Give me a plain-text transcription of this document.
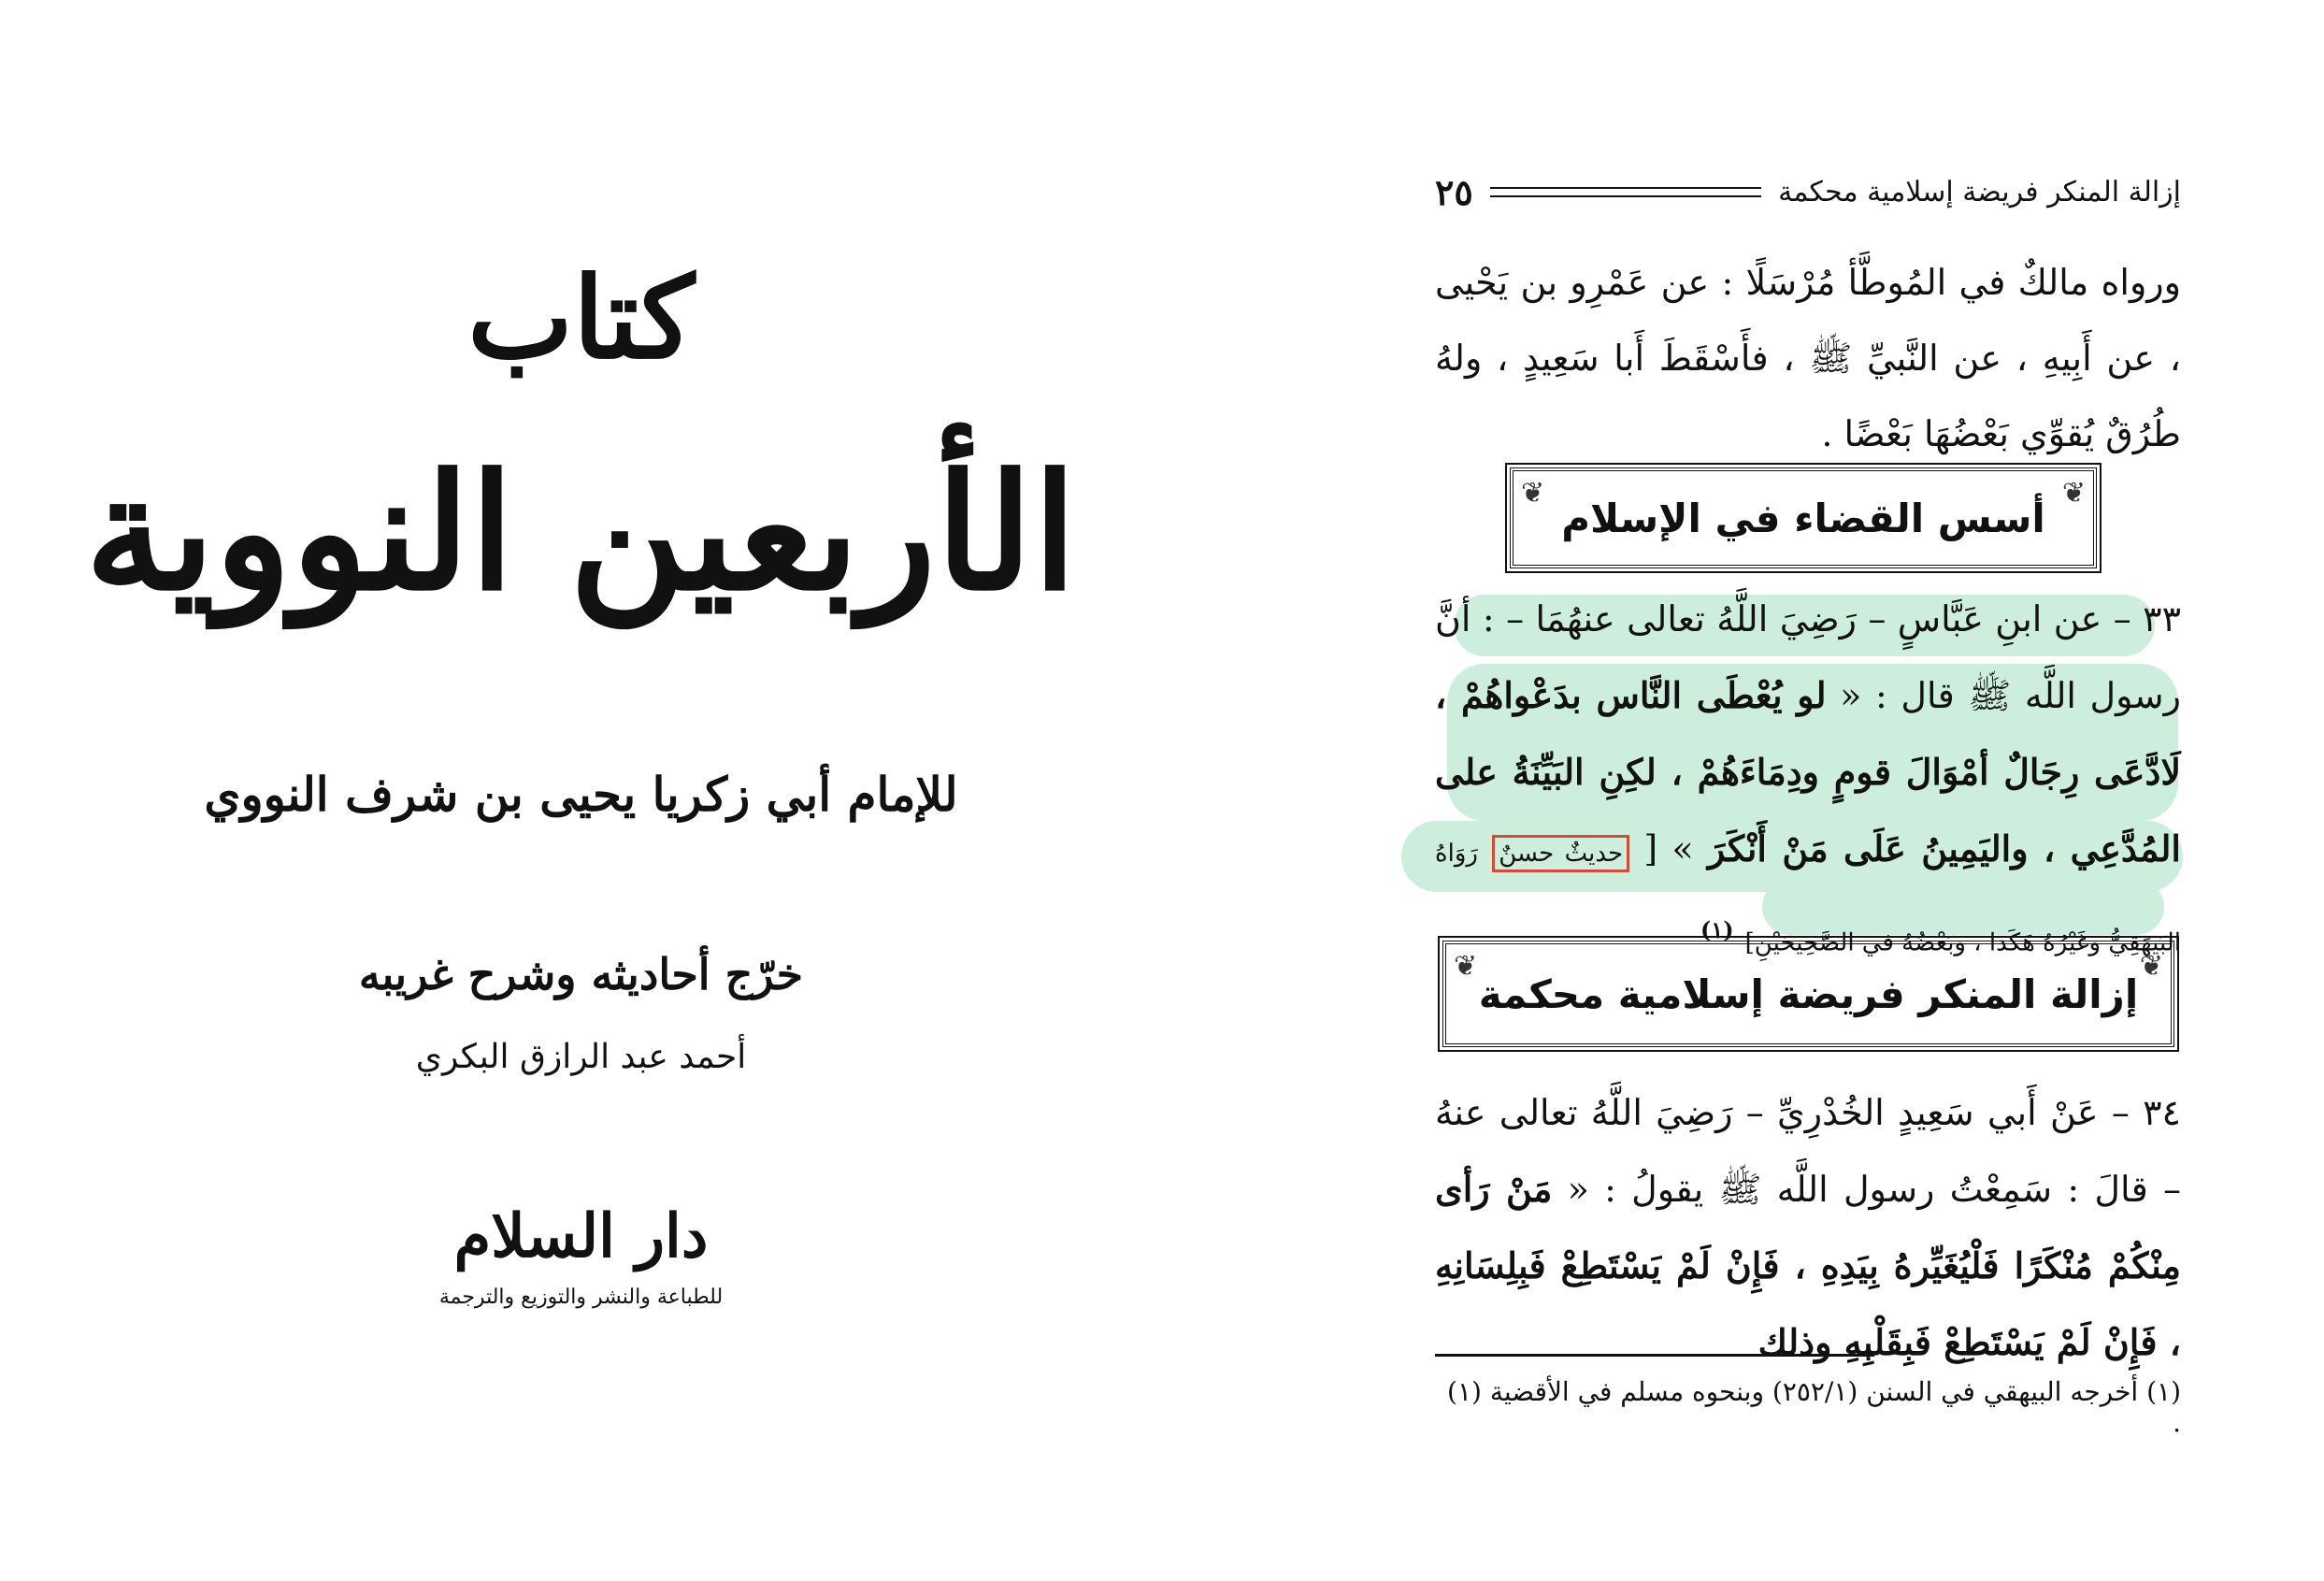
كتاب
الأربعين النووية
للإمام أبي زكريا يحيى بن شرف النووي
خرّج أحاديثه وشرح غريبه
أحمد عبد الرازق البكري
دار السلام
للطباعة والنشر والتوزيع والترجمة
إزالة المنكر فريضة إسلامية محكمة
٢٥
ورواه مالكٌ في المُوطَّأ مُرْسَلًا : عن عَمْرِو بن يَحْيى ، عن أَبِيهِ ، عن النَّبيِّ ﷺ ، فأَسْقَطَ أَبا سَعِيدٍ ، ولهُ طُرُقٌ يُقوِّي بَعْضُهَا بَعْضًا .
❦
أسس القضاء في الإسلام
❦
٣٣ – عن ابنِ عَبَّاسٍ – رَضِيَ اللَّهُ تعالى عنهُمَا – : أنَّ رسول اللَّه ﷺ قال : « لو يُعْطَى النَّاس بدَعْواهُمْ ، لَادَّعَى رِجَالٌ أمْوَالَ قومٍ ودِمَاءَهُمْ ، لكِنِ البَيِّنَةُ على المُدَّعِي ، واليَمِينُ عَلَى مَنْ أَنْكَرَ » [ حديثٌ حسنٌ رَوَاهُ البَيهَقِيُّ وغَيْرُهُ هَكَذا ، وبَعْضُهُ في الصَّحِيحَيْنِ] $^{(١)}$
❦
إزالة المنكر فريضة إسلامية محكمة
❦
٣٤ – عَنْ أَبي سَعِيدٍ الخُدْرِيِّ – رَضِيَ اللَّهُ تعالى عنهُ – قالَ : سَمِعْتُ رسول اللَّه ﷺ يقولُ : « مَنْ رَأى مِنْكُمْ مُنْكَرًا فَلْيُغَيِّرهُ بِيَدِهِ ، فَإِنْ لَمْ يَسْتَطِعْ فَبِلِسَانِهِ ، فَإِنْ لَمْ يَسْتَطِعْ فَبِقَلْبِهِ وذلك
(١) أخرجه البيهقي في السنن (٢٥٢/١) وبنحوه مسلم في الأقضية (١) .
